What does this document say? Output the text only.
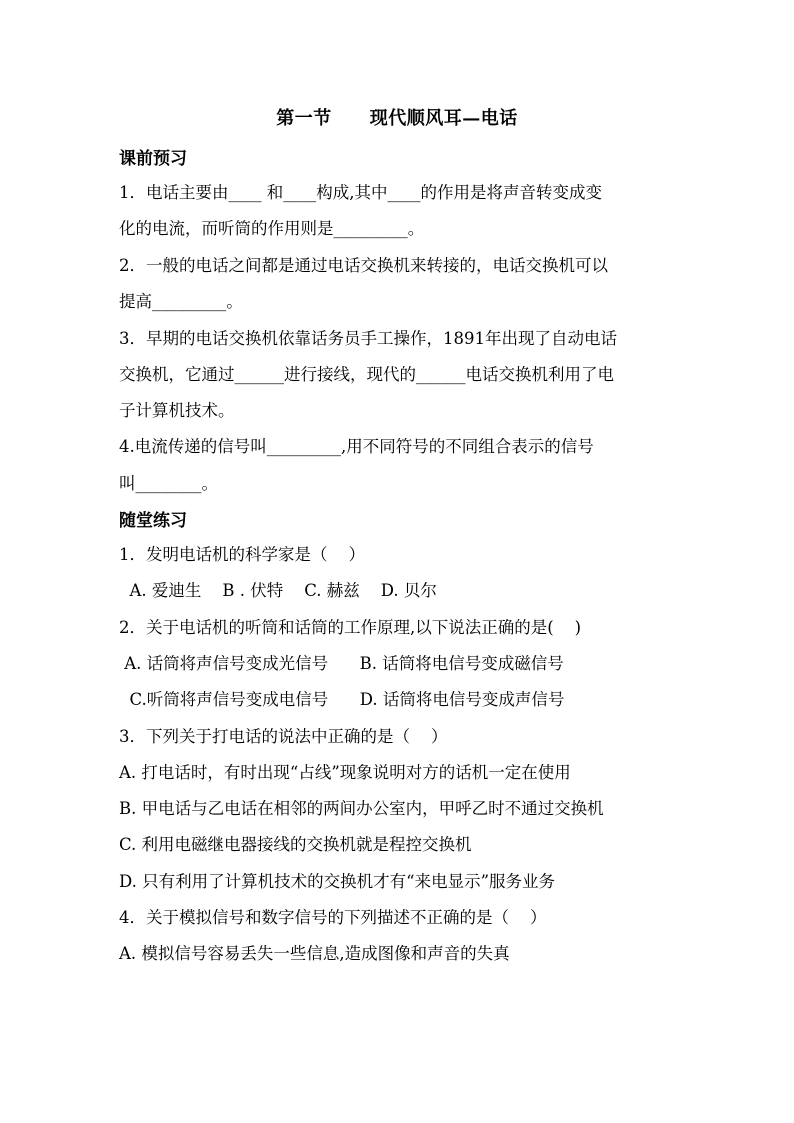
第一节 现代顺风耳—电话
课前预习
1．电话主要由____ 和____构成,其中____的作用是将声音转变成变
化的电流，而听筒的作用则是_________。
2．一般的电话之间都是通过电话交换机来转接的，电话交换机可以
提高_________。
3．早期的电话交换机依靠话务员手工操作，1891年出现了自动电话
交换机，它通过______进行接线，现代的______电话交换机利用了电
子计算机技术。
4.电流传递的信号叫_________,用不同符号的不同组合表示的信号
叫________。
随堂练习
1．发明电话机的科学家是（    ）
A. 爱迪生    B . 伏特    C. 赫兹    D. 贝尔
2．关于电话机的听筒和话筒的工作原理,以下说法正确的是(    )
A. 话筒将声信号变成光信号      B. 话筒将电信号变成磁信号
C.听筒将声信号变成电信号      D. 话筒将电信号变成声信号
3．下列关于打电话的说法中正确的是（    ）
A. 打电话时，有时出现“占线”现象说明对方的话机一定在使用
B. 甲电话与乙电话在相邻的两间办公室内，甲呼乙时不通过交换机
C. 利用电磁继电器接线的交换机就是程控交换机
D. 只有利用了计算机技术的交换机才有“来电显示”服务业务
4．关于模拟信号和数字信号的下列描述不正确的是（    ）
A. 模拟信号容易丢失一些信息,造成图像和声音的失真
